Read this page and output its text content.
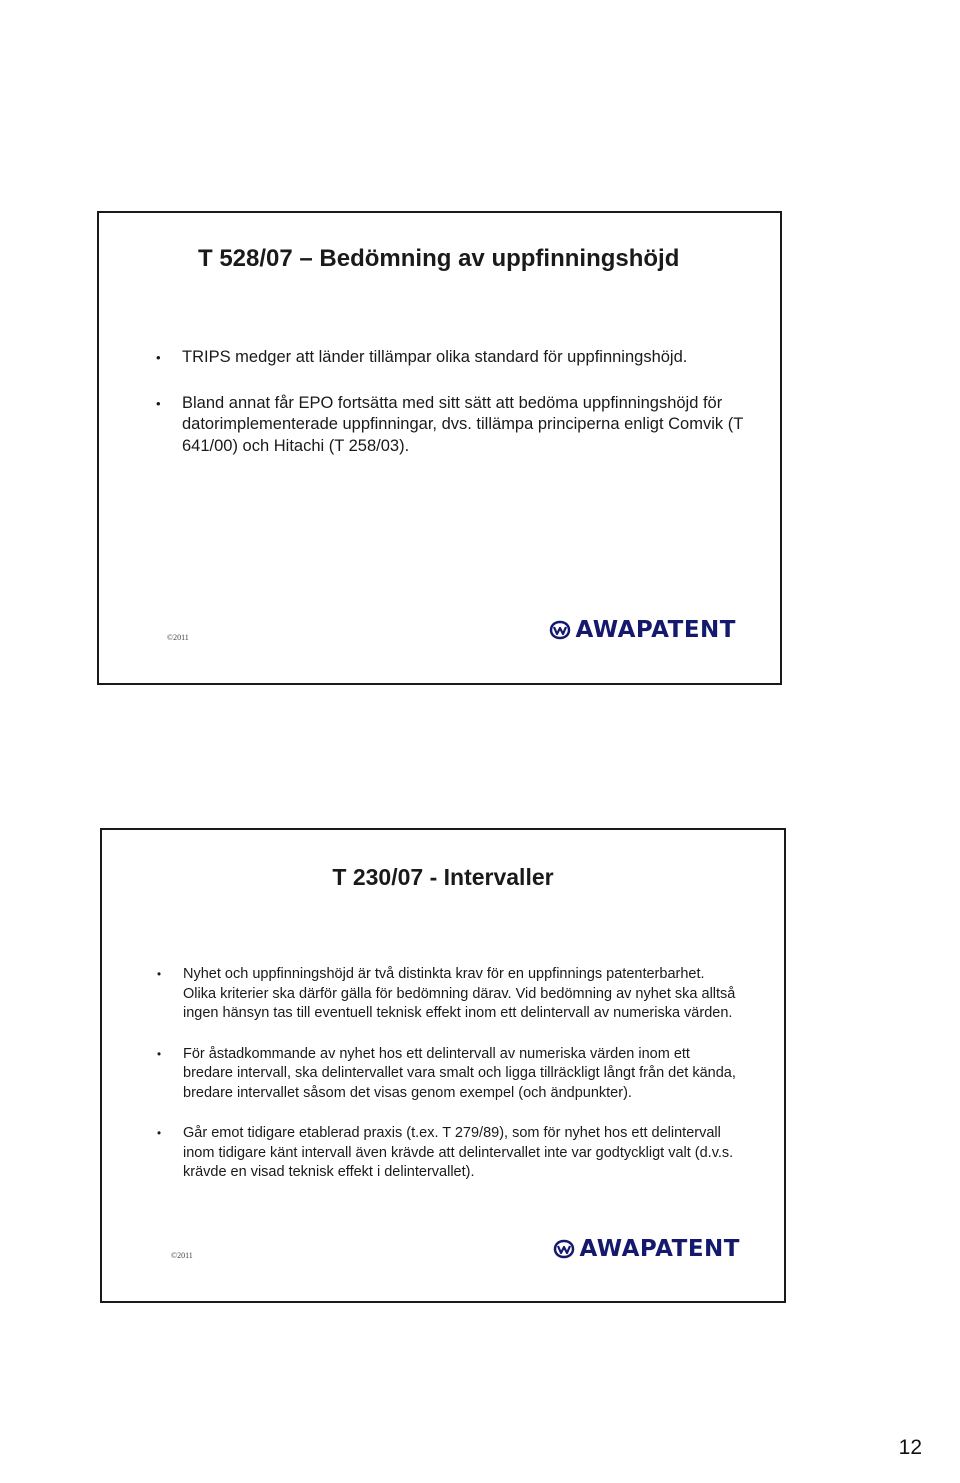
T 528/07 – Bedömning av uppfinningshöjd
• TRIPS medger att länder tillämpar olika standard för uppfinningshöjd.
• Bland annat får EPO fortsätta med sitt sätt att bedöma uppfinningshöjd för datorimplementerade uppfinningar, dvs. tillämpa principerna enligt Comvik (T 641/00) och Hitachi (T 258/03).
©2011	AWAPATENT
T 230/07 - Intervaller
• Nyhet och uppfinningshöjd är två distinkta krav för en uppfinnings patenterbarhet. Olika kriterier ska därför gälla för bedömning därav. Vid bedömning av nyhet ska alltså ingen hänsyn tas till eventuell teknisk effekt inom ett delintervall av numeriska värden.
• För åstadkommande av nyhet hos ett delintervall av numeriska värden inom ett bredare intervall, ska delintervallet vara smalt och ligga tillräckligt långt från det kända, bredare intervallet såsom det visas genom exempel (och ändpunkter).
• Går emot tidigare etablerad praxis (t.ex. T 279/89), som för nyhet hos ett delintervall inom tidigare känt intervall även krävde att delintervallet inte var godtyckligt valt (d.v.s. krävde en visad teknisk effekt i delintervallet).
©2011	AWAPATENT
12
